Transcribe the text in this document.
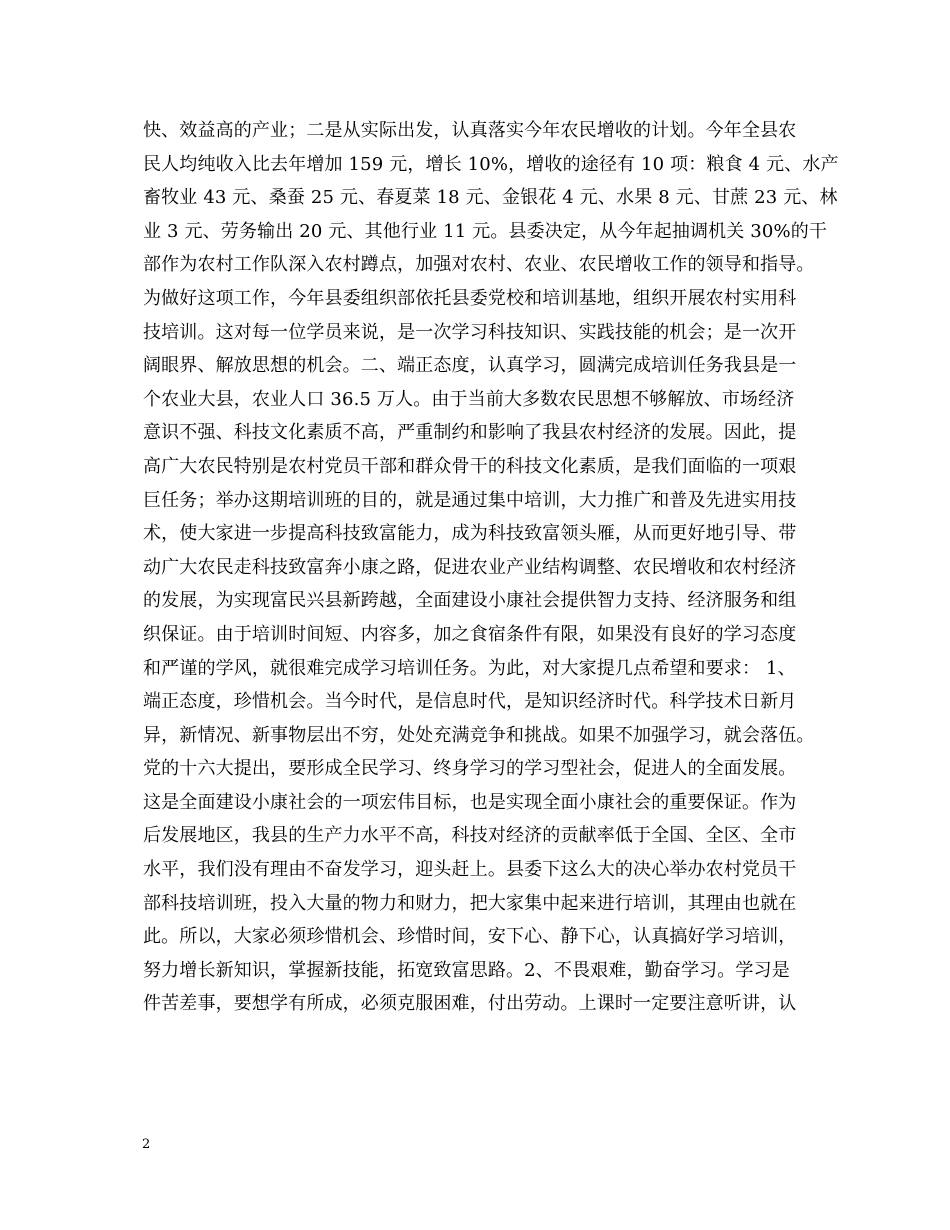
快、效益高的产业；二是从实际出发，认真落实今年农民增收的计划。今年全县农
民人均纯收入比去年增加 159 元，增长 10%，增收的途径有 10 项：粮食 4 元、水产
畜牧业 43 元、桑蚕 25 元、春夏菜 18 元、金银花 4 元、水果 8 元、甘蔗 23 元、林
业 3 元、劳务输出 20 元、其他行业 11 元。县委决定，从今年起抽调机关 30%的干
部作为农村工作队深入农村蹲点，加强对农村、农业、农民增收工作的领导和指导。
为做好这项工作，今年县委组织部依托县委党校和培训基地，组织开展农村实用科
技培训。这对每一位学员来说，是一次学习科技知识、实践技能的机会；是一次开
阔眼界、解放思想的机会。二、端正态度，认真学习，圆满完成培训任务我县是一
个农业大县，农业人口 36.5 万人。由于当前大多数农民思想不够解放、市场经济
意识不强、科技文化素质不高，严重制约和影响了我县农村经济的发展。因此，提
高广大农民特别是农村党员干部和群众骨干的科技文化素质，是我们面临的一项艰
巨任务；举办这期培训班的目的，就是通过集中培训，大力推广和普及先进实用技
术，使大家进一步提高科技致富能力，成为科技致富领头雁，从而更好地引导、带
动广大农民走科技致富奔小康之路，促进农业产业结构调整、农民增收和农村经济
的发展，为实现富民兴县新跨越，全面建设小康社会提供智力支持、经济服务和组
织保证。由于培训时间短、内容多，加之食宿条件有限，如果没有良好的学习态度
和严谨的学风，就很难完成学习培训任务。为此，对大家提几点希望和要求： 1、
端正态度，珍惜机会。当今时代，是信息时代，是知识经济时代。科学技术日新月
异，新情况、新事物层出不穷，处处充满竞争和挑战。如果不加强学习，就会落伍。
党的十六大提出，要形成全民学习、终身学习的学习型社会，促进人的全面发展。
这是全面建设小康社会的一项宏伟目标，也是实现全面小康社会的重要保证。作为
后发展地区，我县的生产力水平不高，科技对经济的贡献率低于全国、全区、全市
水平，我们没有理由不奋发学习，迎头赶上。县委下这么大的决心举办农村党员干
部科技培训班，投入大量的物力和财力，把大家集中起来进行培训，其理由也就在
此。所以，大家必须珍惜机会、珍惜时间，安下心、静下心，认真搞好学习培训，
努力增长新知识，掌握新技能，拓宽致富思路。2、不畏艰难，勤奋学习。学习是
件苦差事，要想学有所成，必须克服困难，付出劳动。上课时一定要注意听讲，认
2
